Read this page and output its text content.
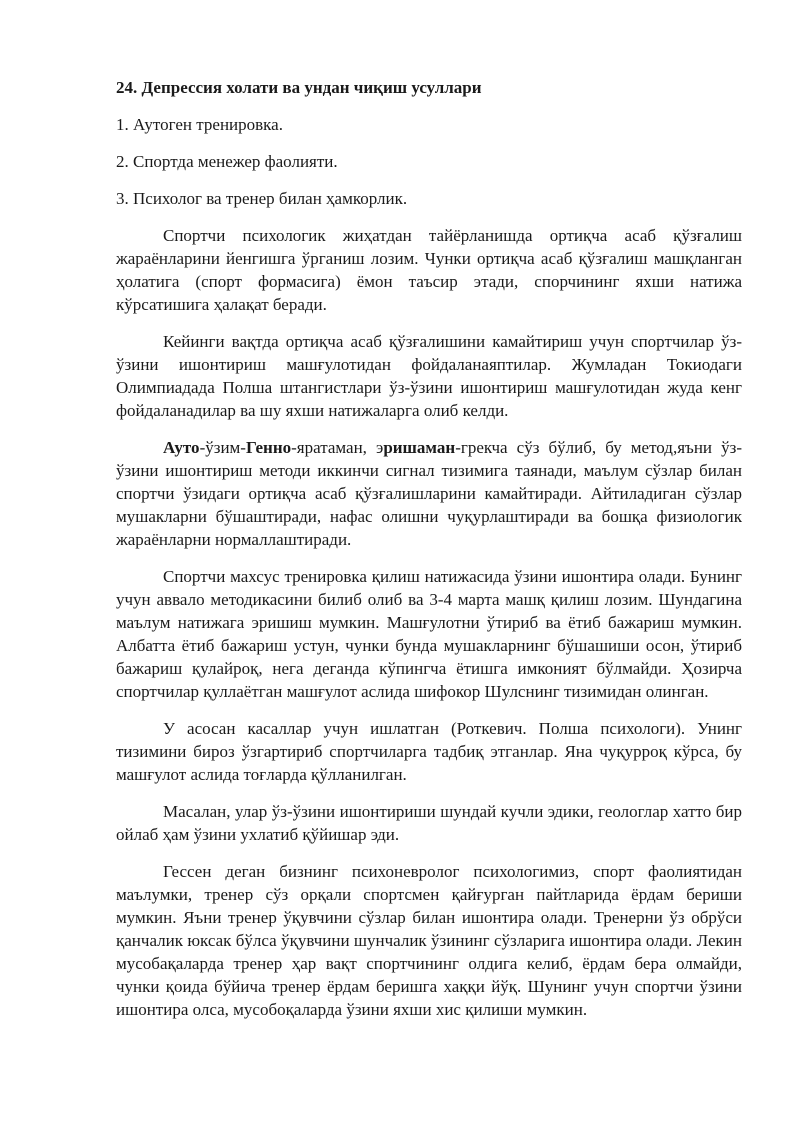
24. Депрессия холати ва ундан чиқиш усуллари
1. Аутоген тренировка.
2. Спортда менежер фаолияти.
3. Психолог ва тренер билан ҳамкорлик.

Спортчи психологик жиҳатдан тайёрланишда ортиқча асаб қўзғалиш жараёнларини йенгишга ўрганиш лозим. Чунки ортиқча асаб қўзғалиш машқланган ҳолатига (спорт формасига) ёмон таъсир этади, спорчининг яхши натижа кўрсатишига ҳалақат беради.

Кейинги вақтда ортиқча асаб қўзғалишини камайтириш учун спортчилар ўз-ўзини ишонтириш машғулотидан фойдаланаяптилар. Жумладан Токиодаги Олимпиадада Полша штангистлари ўз-ўзини ишонтириш машғулотидан жуда кенг фойдаланадилар ва шу яхши натижаларга олиб келди.

Ауто-ўзим-Генно-яратаман, эришаман-грекча сўз бўлиб, бу метод,яъни ўз-ўзини ишонтириш методи иккинчи сигнал тизимига таянади, маълум сўзлар билан спортчи ўзидаги ортиқча асаб қўзғалишларини камайтиради. Айтиладиган сўзлар мушакларни бўшаштиради, нафас олишни чуқурлаштиради ва бошқа физиологик жараёнларни нормаллаштиради.

Спортчи махсус тренировка қилиш натижасида ўзини ишонтира олади. Бунинг учун аввало методикасини билиб олиб ва 3-4 марта машқ қилиш лозим. Шундагина маълум натижага эришиш мумкин. Машғулотни ўтириб ва ётиб бажариш мумкин. Албатта ётиб бажариш устун, чунки бунда мушакларнинг бўшашиши осон, ўтириб бажариш қулайроқ, нега деганда кўпингча ётишга имконият бўлмайди. Ҳозирча спортчилар қуллаётган машғулот аслида шифокор Шулснинг тизимидан олинган.

У асосан касаллар учун ишлатган (Роткевич. Полша психологи). Унинг тизимини бироз ўзгартириб спортчиларга тадбиқ этганлар. Яна чуқурроқ кўрса, бу машғулот аслида тоғларда қўлланилган.

Масалан, улар ўз-ўзини ишонтириши шундай кучли эдики, геологлар хатто бир ойлаб ҳам ўзини ухлатиб қўйишар эди.

Гессен деган бизнинг психоневролог психологимиз, спорт фаолиятидан маълумки, тренер сўз орқали спортсмен қайғурган пайтларида ёрдам бериши мумкин. Яъни тренер ўқувчини сўзлар билан ишонтира олади. Тренерни ўз обрўси қанчалик юксак бўлса ўқувчини шунчалик ўзининг сўзларига ишонтира олади. Лекин мусобақаларда тренер ҳар вақт спортчининг олдига келиб, ёрдам бера олмайди, чунки қоида бўйича тренер ёрдам беришга хаққи йўқ. Шунинг учун спортчи ўзини ишонтира олса, мусобоқаларда ўзини яхши хис қилиши мумкин.
